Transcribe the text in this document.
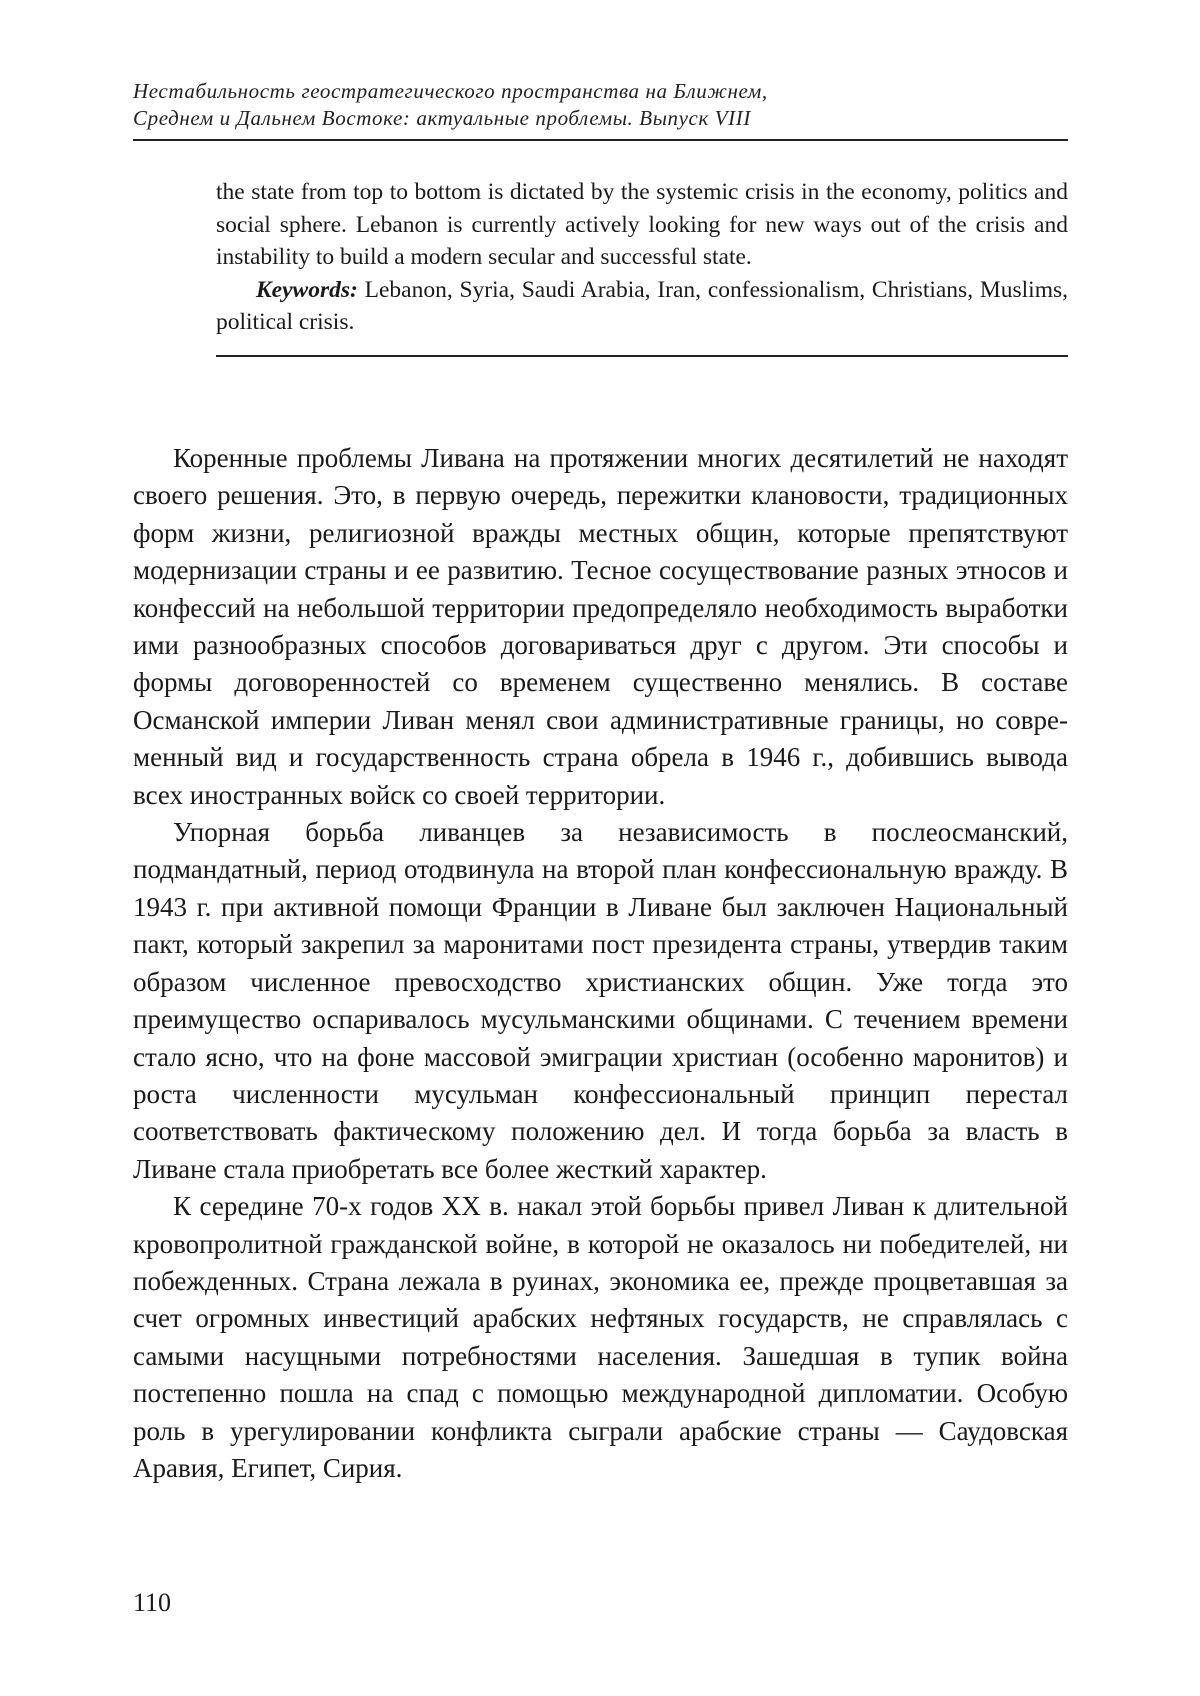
Нестабильность геостратегического пространства на Ближнем,
Среднем и Дальнем Востоке: актуальные проблемы. Выпуск VIII

the state from top to bottom is dictated by the systemic crisis in the economy, politics and social sphere. Lebanon is currently actively looking for new ways out of the crisis and instability to build a modern secular and successful state.

Keywords: Lebanon, Syria, Saudi Arabia, Iran, confessionalism, Christians, Muslims, political crisis.

Коренные проблемы Ливана на протяжении многих десятилетий не находят своего решения. Это, в первую очередь, пережитки клановости, традиционных форм жизни, религиозной вражды местных общин, которые препятствуют модернизации страны и ее развитию. Тесное сосуществование разных этносов и конфессий на небольшой терри­тории предопределяло необходимость выработки ими разнообразных способов договариваться друг с другом. Эти способы и формы догово­ренностей со временем существенно менялись. В составе Османской империи Ливан менял свои административные границы, но совре­менный вид и государственность страна обрела в 1946 г., добившись вывода всех иностранных войск со своей территории.

Упорная борьба ливанцев за независимость в послеосманский, подмандатный, период отодвинула на второй план конфессиональную вражду. В 1943 г. при активной помощи Франции в Ливане был заключен Национальный пакт, который закрепил за маронитами пост президента страны, утвердив таким образом численное превосходство христиан­ских общин. Уже тогда это преимущество оспаривалось мусульман­скими общинами. С течением времени стало ясно, что на фоне мас­совой эмиграции христиан (особенно маронитов) и роста численности мусульман конфессиональный принцип перестал соответствовать фак­тическому положению дел. И тогда борьба за власть в Ливане стала при­обретать все более жесткий характер.

К середине 70-х годов XX в. накал этой борьбы привел Ливан к дли­тельной кровопролитной гражданской войне, в которой не оказалось ни победителей, ни побежденных. Страна лежала в руинах, экономика ее, прежде процветавшая за счет огромных инвестиций арабских нефтяных государств, не справлялась с самыми насущными потребностями насе­ления. Зашедшая в тупик война постепенно пошла на спад с помощью международной дипломатии. Особую роль в урегулировании кон­фликта сыграли арабские страны — Саудовская Аравия, Египет, Сирия.

110
